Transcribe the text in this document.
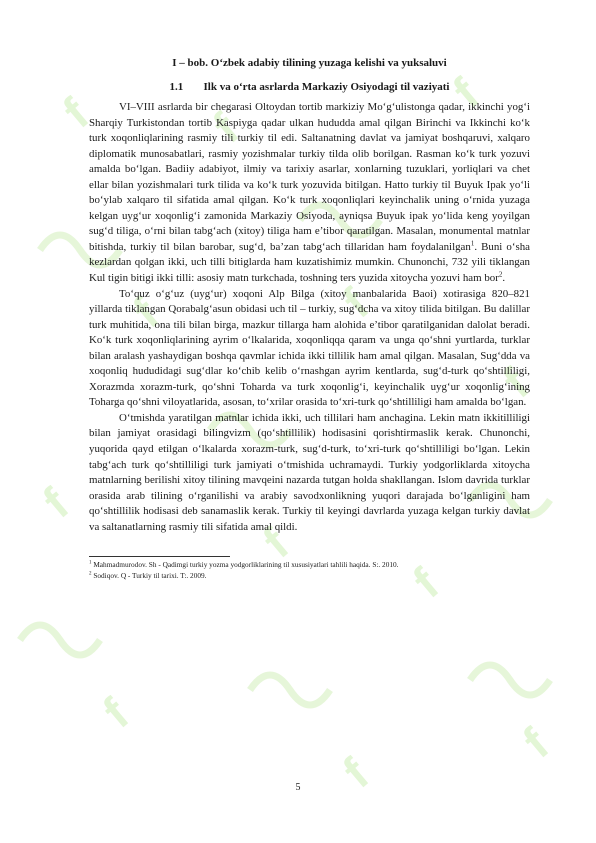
f f
f
f	f
f
f
f
f
f
f
f
I – bob. O‘zbek adabiy tilining yuzaga kelishi va yuksaluvi
1.1 Ilk va o‘rta asrlarda Markaziy Osiyodagi til vaziyati

VI–VIII asrlarda bir chegarasi Oltoydan tortib markiziy Mo‘g‘ulistonga qadar, ikkinchi yog‘i Sharqiy Turkistondan tortib Kaspiyga qadar ulkan hududda amal qilgan Birinchi va Ikkinchi ko‘k turk xoqonliqlarining rasmiy tili turkiy til edi. Saltanatning davlat va jamiyat boshqaruvi, xalqaro diplomatik munosabatlari, rasmiy yozishmalar turkiy tilda olib borilgan. Rasman ko‘k turk yozuvi amalda bo‘lgan. Badiiy adabiyot, ilmiy va tarixiy asarlar, xonlarning tuzuklari, yorliqlari va chet ellar bilan yozishmalari turk tilida va ko‘k turk yozuvida bitilgan. Hatto turkiy til Buyuk Ipak yo‘li bo‘ylab xalqaro til sifatida amal qilgan. Ko‘k turk xoqonliqlari keyinchalik uning o‘rnida yuzaga kelgan uyg‘ur xoqonlig‘i zamonida Markaziy Osiyoda, ayniqsa Buyuk ipak yo‘lida keng yoyilgan sug‘d tiliga, o‘rni bilan tabg‘ach (xitoy) tiliga ham e’tibor qaratilgan. Masalan, monumental matnlar bitishda, turkiy til bilan barobar, sug‘d, ba’zan tabg‘ach tillaridan ham foydalanilgan$^1$. Buni o‘sha kezlardan qolgan ikki, uch tilli bitiglarda ham kuzatishimiz mumkin. Chunonchi, 732 yili tiklangan Kul tigin bitigi ikki tilli: asosiy matn turkchada, toshning ters yuzida xitoycha yozuvi ham bor$^2$.

To‘quz o‘g‘uz (uyg‘ur) xoqoni Alp Bilga (xitoy manbalarida Baoi) xotirasiga 820–821 yillarda tiklangan Qorabalg‘asun obidasi uch til – turkiy, sug‘dcha va xitoy tilida bitilgan. Bu dalillar turk muhitida, ona tili bilan birga, mazkur tillarga ham alohida e’tibor qaratilganidan dalolat beradi. Ko‘k turk xoqonliqlarining ayrim o‘lkalarida, xoqonliqqa qaram va unga qo‘shni yurtlarda, turklar bilan aralash yashaydigan boshqa qavmlar ichida ikki tillilik ham amal qilgan. Masalan, Sug‘dda va xoqonliq hududidagi sug‘dlar ko‘chib kelib o‘rnashgan ayrim kentlarda, sug‘d-turk qo‘shtilliligi, Xorazmda xorazm-turk, qo‘shni Toharda va turk xoqonlig‘i, keyinchalik uyg‘ur xoqonlig‘ining Toharga qo‘shni viloyatlarida, asosan, to‘xrilar orasida to‘xri-turk qo‘shtilliligi ham amalda bo‘lgan.

O‘tmishda yaratilgan matnlar ichida ikki, uch tillilari ham anchagina. Lekin matn ikkitilliligi bilan jamiyat orasidagi bilingvizm (qo‘shtillilik) hodisasini qorishtirmaslik kerak. Chunonchi, yuqorida qayd etilgan o‘lkalarda xorazm-turk, sug‘d-turk, to‘xri-turk qo‘shtilliligi bo‘lgan. Lekin tabg‘ach turk qo‘shtilliligi turk jamiyati o‘tmishida uchramaydi. Turkiy yodgorliklarda xitoycha matnlarning berilishi xitoy tilining mavqeini nazarda tutgan holda shakllangan. Islom davrida turklar orasida arab tilining o‘rganilishi va arabiy savodxonlikning yuqori darajada bo‘lganligini ham qo‘shtillilik hodisasi deb sanamaslik kerak. Turkiy til keyingi davrlarda yuzaga kelgan turkiy davlat va saltanatlarning rasmiy tili sifatida amal qildi.

$^1$ Mahmadmurodov. Sh - Qadimgi turkiy yozma yodgorliklarining til xususiyatlari tahlili haqida. S:. 2010.

$^2$ Sodiqov. Q - Turkiy til tarixi. T:. 2009.

5
